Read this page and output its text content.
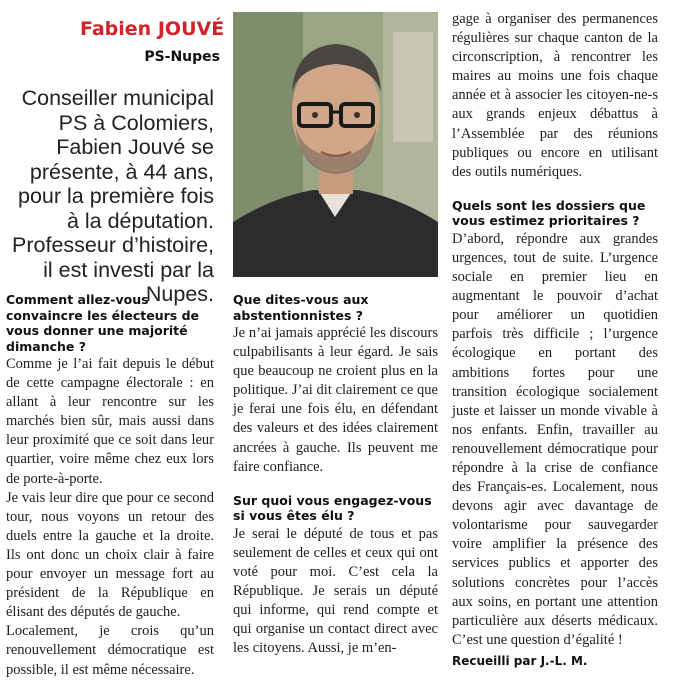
Fabien JOUVÉ
PS-Nupes
Conseiller municipal PS à Colomiers, Fabien Jouvé se présente, à 44 ans, pour la première fois à la députation. Professeur d’histoire, il est investi par la Nupes.

Comment allez-vous convaincre les électeurs de vous donner une majorité dimanche ?

Comme je l’ai fait depuis le début de cette campagne électorale : en allant à leur rencontre sur les marchés bien sûr, mais aussi dans leur proximité que ce soit dans leur quartier, voire même chez eux lors de porte-à-porte.

Je vais leur dire que pour ce second tour, nous voyons un retour des duels entre la gauche et la droite. Ils ont donc un choix clair à faire pour envoyer un message fort au président de la République en élisant des députés de gauche.

Localement, je crois qu’un renouvellement démocratique est possible, il est même nécessaire.

Que dites-vous aux abstentionnistes ?

Je n’ai jamais apprécié les discours culpabilisants à leur égard. Je sais que beaucoup ne croient plus en la politique. J’ai dit clairement ce que je ferai une fois élu, en défendant des valeurs et des idées clairement ancrées à gauche. Ils peuvent me faire confiance.

Sur quoi vous engagez-vous si vous êtes élu ?

Je serai le député de tous et pas seulement de celles et ceux qui ont voté pour moi. C’est cela la République. Je serais un député qui informe, qui rend compte et qui organise un contact direct avec les citoyens. Aussi, je m’en-

gage à organiser des permanences régulières sur chaque canton de la circonscription, à rencontrer les maires au moins une fois chaque année et à associer les citoyen-ne-s aux grands enjeux débattus à l’Assemblée par des réunions publiques ou encore en utilisant des outils numériques.

Quels sont les dossiers que vous estimez prioritaires ?

D’abord, répondre aux grandes urgences, tout de suite. L’urgence sociale en premier lieu en augmentant le pouvoir d’achat pour améliorer un quotidien parfois très difficile ; l’urgence écologique en portant des ambitions fortes pour une transition écologique socialement juste et laisser un monde vivable à nos enfants. Enfin, travailler au renouvellement démocratique pour répondre à la crise de confiance des Français-es. Localement, nous devons agir avec davantage de volontarisme pour sauvegarder voire amplifier la présence des services publics et apporter des solutions concrètes pour l’accès aux soins, en portant une attention particulière aux déserts médicaux. C’est une question d’égalité !

Recueilli par J.-L. M.
